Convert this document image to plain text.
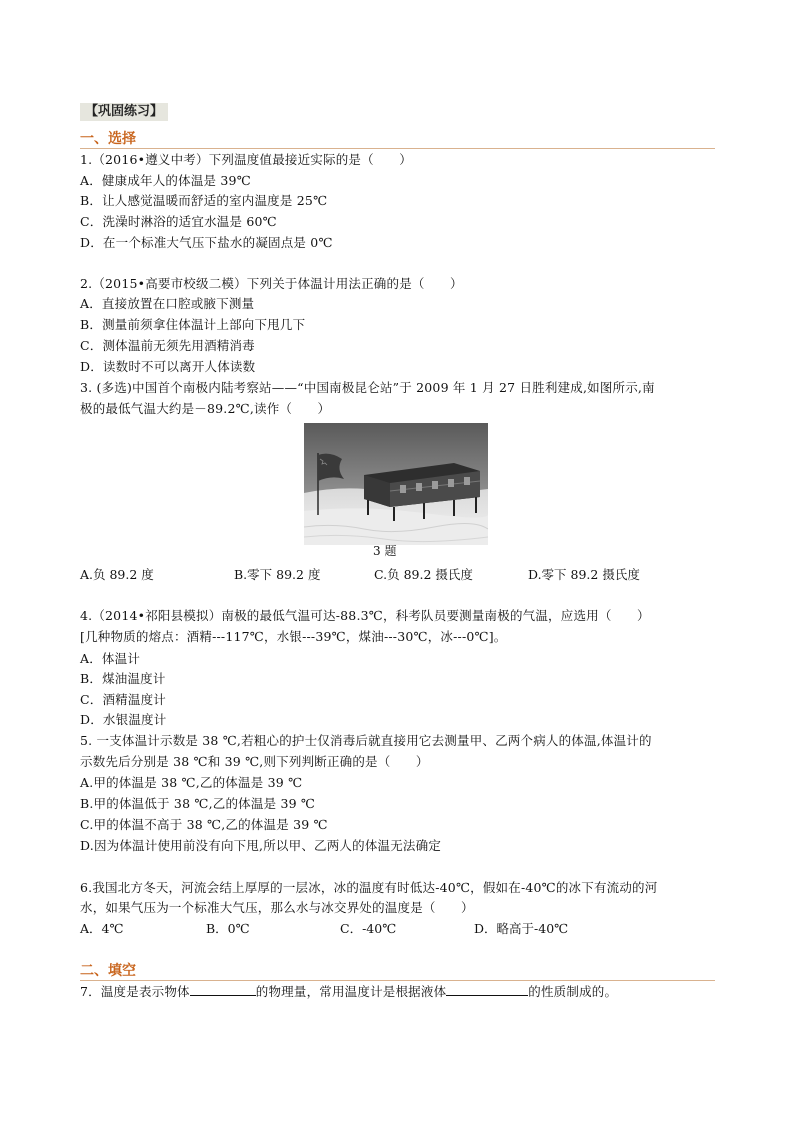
【巩固练习】
一、选择
1.（2016•遵义中考）下列温度值最接近实际的是（　　）
A．健康成年人的体温是 39℃
B．让人感觉温暖而舒适的室内温度是 25℃
C．洗澡时淋浴的适宜水温是 60℃
D．在一个标准大气压下盐水的凝固点是 0℃
2.（2015•高要市校级二模）下列关于体温计用法正确的是（　　）
A．直接放置在口腔或腋下测量
B．测量前须拿住体温计上部向下甩几下
C．测体温前无须先用酒精消毒
D．读数时不可以离开人体读数
3. (多选)中国首个南极内陆考察站——“中国南极昆仑站”于 2009 年 1 月 27 日胜利建成,如图所示,南
极的最低气温大约是－89.2℃,读作（　　）
3 题
A.负 89.2 度	B.零下 89.2 度	C.负 89.2 摄氏度	D.零下 89.2 摄氏度
4.（2014•祁阳县模拟）南极的最低气温可达-88.3℃，科考队员要测量南极的气温，应选用（　　）
[几种物质的熔点：酒精---117℃，水银---39℃，煤油---30℃，冰---0℃]。
A．体温计
B．煤油温度计
C．酒精温度计
D．水银温度计
5. 一支体温计示数是 38 ℃,若粗心的护士仅消毒后就直接用它去测量甲、乙两个病人的体温,体温计的
示数先后分别是 38 ℃和 39 ℃,则下列判断正确的是（　　）
A.甲的体温是 38 ℃,乙的体温是 39 ℃
B.甲的体温低于 38 ℃,乙的体温是 39 ℃
C.甲的体温不高于 38 ℃,乙的体温是 39 ℃
D.因为体温计使用前没有向下甩,所以甲、乙两人的体温无法确定
6.我国北方冬天，河流会结上厚厚的一层冰，冰的温度有时低达-40℃，假如在-40℃的冰下有流动的河
水，如果气压为一个标准大气压，那么水与冰交界处的温度是（　　）
A．4℃	B．0℃	C．-40℃	D．略高于-40℃
二、填空
7．温度是表示物体	的物理量，常用温度计是根据液体	的性质制成的。
